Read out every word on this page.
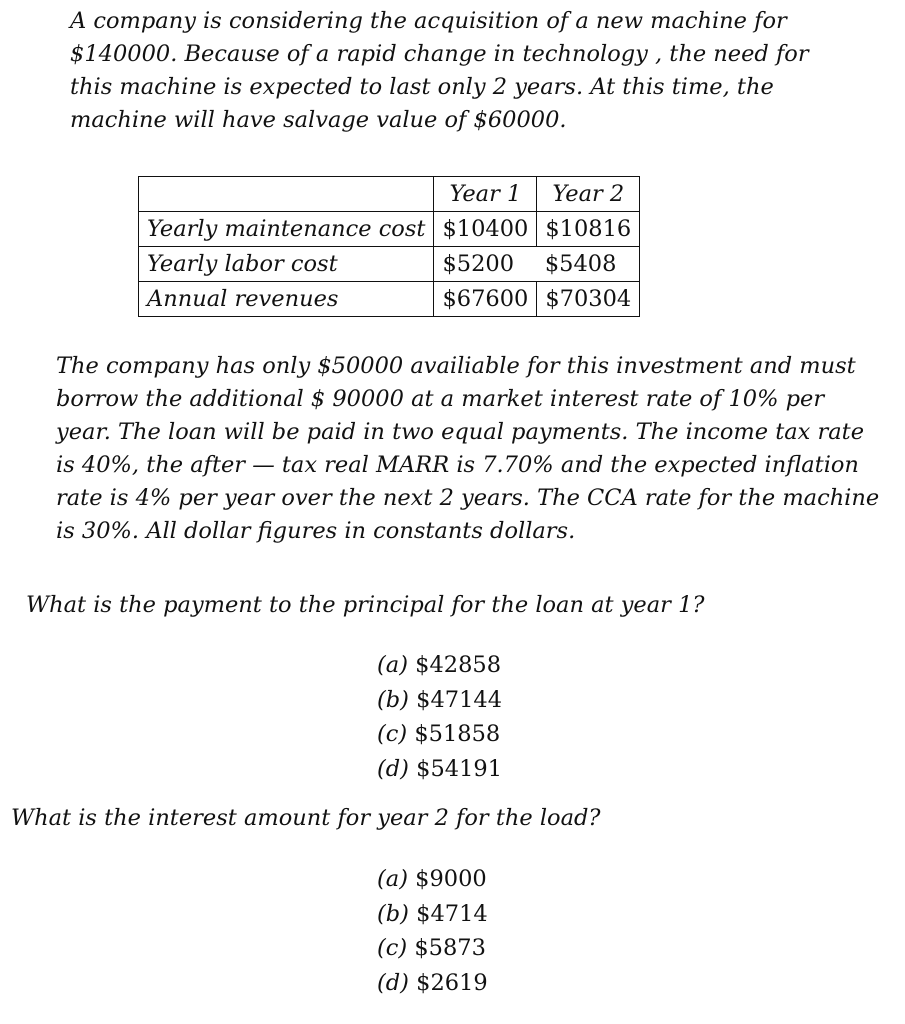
A company is considering the acquisition of a new machine for
$140000. Because of a rapid change in technology , the need for
this machine is expected to last only 2 years. At this time, the
machine will have salvage value of $60000.
	Year 1	Year 2
Yearly maintenance cost	$10400	$10816
Yearly labor cost	$5200	$5408
Annual revenues	$67600	$70304
The company has only $50000 availiable for this investment and must
borrow the additional $ 90000 at a market interest rate of 10% per
year. The loan will be paid in two equal payments. The income tax rate
is 40%, the after — tax real MARR is 7.70% and the expected inflation
rate is 4% per year over the next 2 years. The CCA rate for the machine
is 30%. All dollar figures in constants dollars.
What is the payment to the principal for the loan at year 1?
(a) $42858
(b) $47144
(c) $51858
(d) $54191
What is the interest amount for year 2 for the load?
(a) $9000
(b) $4714
(c) $5873
(d) $2619
